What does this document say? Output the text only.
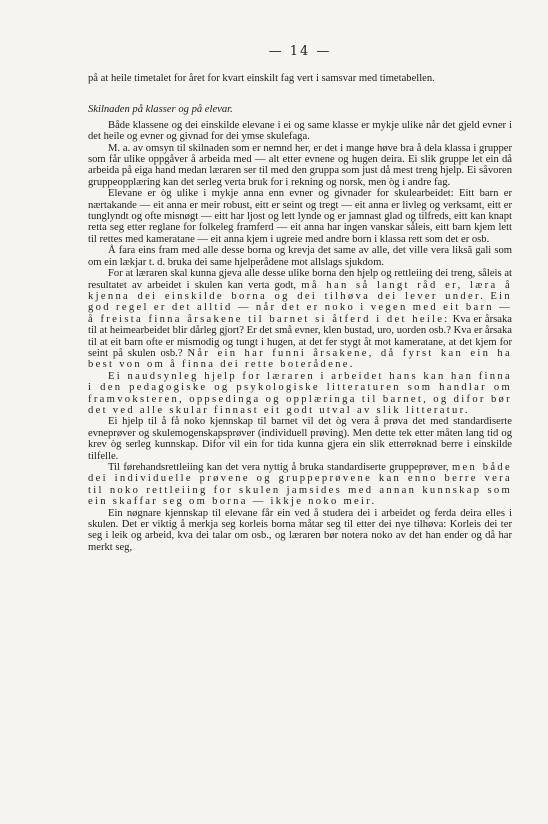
— 14 —

på at heile timetalet for året for kvart einskilt fag vert i samsvar med timetabellen.

Skilnaden på klasser og på elevar.

Både klassene og dei einskilde elevane i ei og same klasse er mykje ulike når det gjeld evner i det heile og evner og givnad for dei ymse skulefaga.

M. a. av omsyn til skilnaden som er nemnd her, er det i mange høve bra å dela klassa i grupper som får ulike oppgåver å arbeida med — alt etter evnene og hugen deira. Ei slik gruppe let ein då arbeida på eiga hand medan læraren ser til med den gruppa som just då mest treng hjelp. Ei såvoren gruppeopplæring kan det serleg verta bruk for i rekning og norsk, men òg i andre fag.

Elevane er òg ulike i mykje anna enn evner og givnader for skulearbeidet: Eitt barn er nærtakande — eit anna er meir robust, eitt er seint og tregt — eit anna er livleg og verksamt, eitt er tunglyndt og ofte misnøgt — eitt har ljost og lett lynde og er jamnast glad og tilfreds, eitt kan knapt retta seg etter reglane for folkeleg framferd — eit anna har ingen vanskar såleis, eitt barn kjem lett til rettes med kameratane — eit anna kjem i ugreie med andre born i klassa rett som det er osb.

Å fara eins fram med alle desse borna og krevja det same av alle, det ville vera liksă gali som om ein lækjar t. d. bruka dei same hjelperådene mot allslags sjukdom.

For at læraren skal kunna gjeva alle desse ulike borna den hjelp og rettleiing dei treng, såleis at resultatet av arbeidet i skulen kan verta godt, må han så langt råd er, læra å kjenna dei einskilde borna og dei tilhøva dei lever under. Ein god regel er det alltid — når det er noko i vegen med eit barn — å freista finna årsakene til barnet si åtferd i det heile: Kva er årsaka til at heimearbeidet blir dårleg gjort? Er det små evner, klen bustad, uro, uorden osb.? Kva er årsaka til at eit barn ofte er mismodig og tungt i hugen, at det fer stygt åt mot kameratane, at det kjem for seint på skulen osb.? Når ein har funni årsakene, då fyrst kan ein ha best von om å finna dei rette boterådene.

Ei naudsynleg hjelp for læraren i arbeidet hans kan han finna i den pedagogiske og psykologiske litteraturen som handlar om framvoksteren, oppsedinga og opplæringa til barnet, og difor bør det ved alle skular finnast eit godt utval av slik litteratur.

Ei hjelp til å få noko kjennskap til barnet vil det òg vera å prøva det med standardiserte evneprøver og skulemogenskapsprøver (individuell prøving). Men dette tek etter måten lang tid og krev òg serleg kunnskap. Difor vil ein for tida kunna gjera ein slik etterrøknad berre i einskilde tilfelle.

Til førehandsrettleiing kan det vera nyttig å bruka standardiserte gruppeprøver, men både dei individuelle prøvene og gruppeprøvene kan enno berre vera til noko rettleiing for skulen jamsides med annan kunnskap som ein skaffar seg om borna — ikkje noko meir.

Ein nøgnare kjennskap til elevane får ein ved å studera dei i arbeidet og ferda deira elles i skulen. Det er viktig å merkja seg korleis borna måtar seg til etter dei nye tilhøva: Korleis dei ter seg i leik og arbeid, kva dei talar om osb., og læraren bør notera noko av det han ender og då har merkt seg,
